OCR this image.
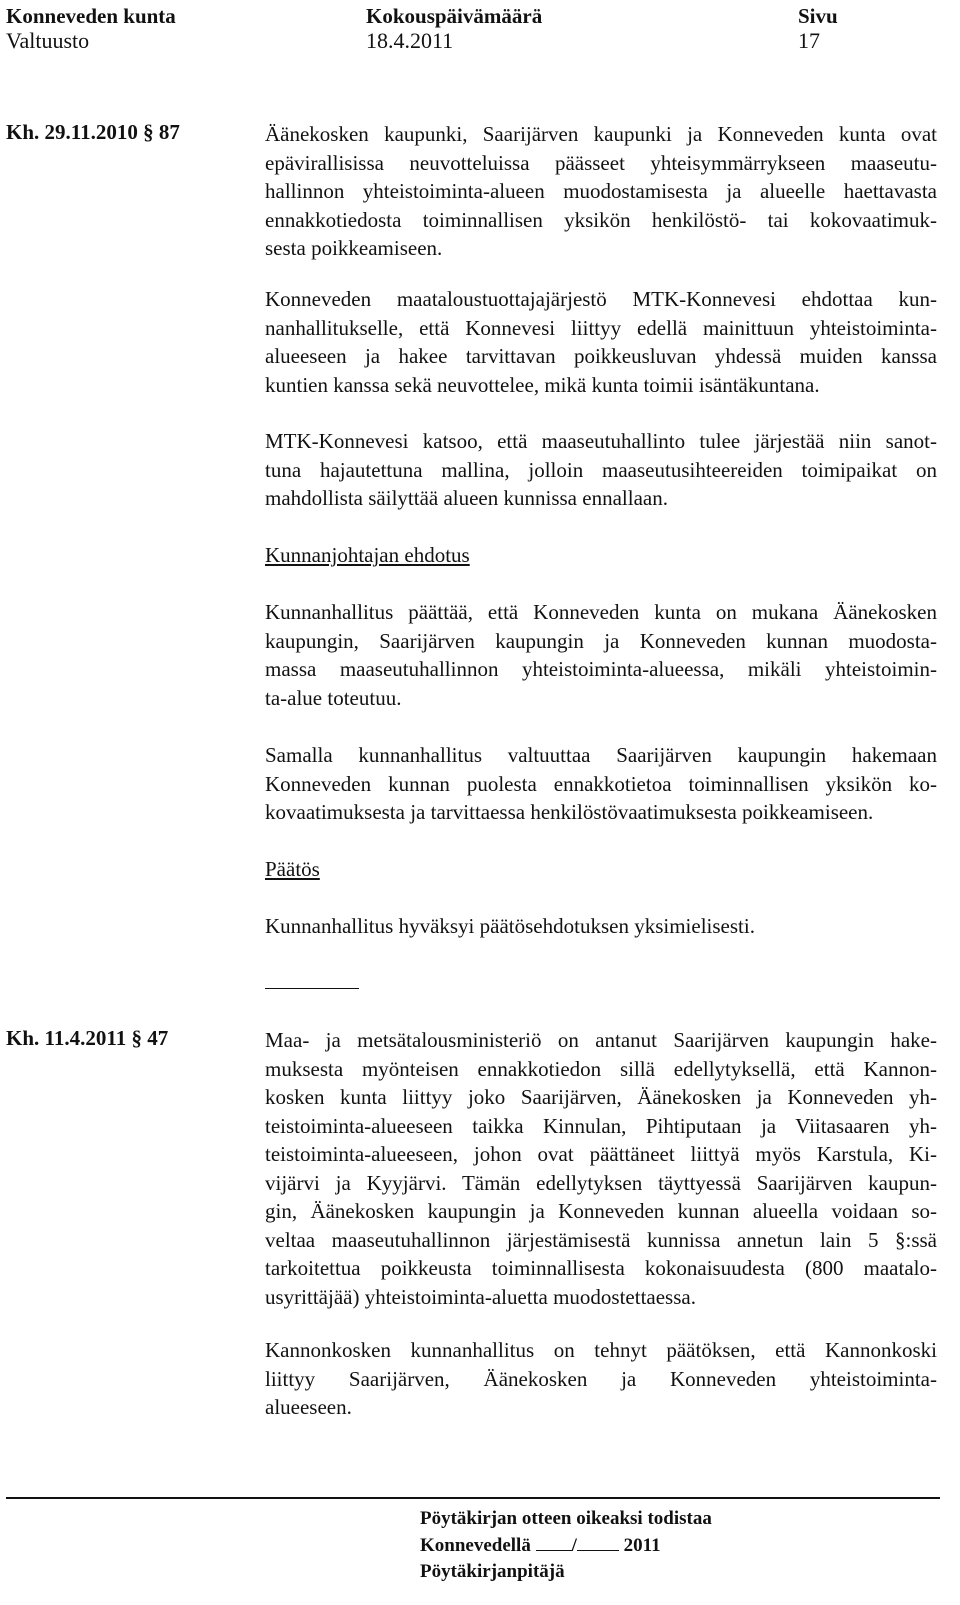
Konneveden kunta
Valtuusto
Kokouspäivämäärä
18.4.2011
Sivu
17
Kh. 29.11.2010 § 87	Äänekosken kaupunki, Saarijärven kaupunki ja Konneveden kunta ovat
epävirallisissa neuvotteluissa päässeet yhteisymmärrykseen maaseutu-
hallinnon yhteistoiminta-alueen muodostamisesta ja alueelle haettavasta
ennakkotiedosta toiminnallisen yksikön henkilöstö- tai kokovaatimuk-
sesta poikkeamiseen.
Konneveden maataloustuottajajärjestö MTK-Konnevesi ehdottaa kun-
nanhallitukselle, että Konnevesi liittyy edellä mainittuun yhteistoiminta-
alueeseen ja hakee tarvittavan poikkeusluvan yhdessä muiden kanssa
kuntien kanssa sekä neuvottelee, mikä kunta toimii isäntäkuntana.
MTK-Konnevesi katsoo, että maaseutuhallinto tulee järjestää niin sanot-
tuna hajautettuna mallina, jolloin maaseutusihteereiden toimipaikat on
mahdollista säilyttää alueen kunnissa ennallaan.
Kunnanjohtajan ehdotus
Kunnanhallitus päättää, että Konneveden kunta on mukana Äänekosken
kaupungin, Saarijärven kaupungin ja Konneveden kunnan muodosta-
massa maaseutuhallinnon yhteistoiminta-alueessa, mikäli yhteistoimin-
ta-alue toteutuu.
Samalla kunnanhallitus valtuuttaa Saarijärven kaupungin hakemaan
Konneveden kunnan puolesta ennakkotietoa toiminnallisen yksikön ko-
kovaatimuksesta ja tarvittaessa henkilöstövaatimuksesta poikkeamiseen.
Päätös
Kunnanhallitus hyväksyi päätösehdotuksen yksimielisesti.
Kh. 11.4.2011 § 47	Maa- ja metsätalousministeriö on antanut Saarijärven kaupungin hake-
muksesta myönteisen ennakkotiedon sillä edellytyksellä, että Kannon-
kosken kunta liittyy joko Saarijärven, Äänekosken ja Konneveden yh-
teistoiminta-alueeseen taikka Kinnulan, Pihtiputaan ja Viitasaaren yh-
teistoiminta-alueeseen, johon ovat päättäneet liittyä myös Karstula, Ki-
vijärvi ja Kyyjärvi. Tämän edellytyksen täyttyessä Saarijärven kaupun-
gin, Äänekosken kaupungin ja Konneveden kunnan alueella voidaan so-
veltaa maaseutuhallinnon järjestämisestä kunnissa annetun lain 5 §:ssä
tarkoitettua poikkeusta toiminnallisesta kokonaisuudesta (800 maatalo-
usyrittäjää) yhteistoiminta-aluetta muodostettaessa.
Kannonkosken kunnanhallitus on tehnyt päätöksen, että Kannonkoski
liittyy Saarijärven, Äänekosken ja Konneveden yhteistoiminta-
alueeseen.
Pöytäkirjan otteen oikeaksi todistaa
Konnevedellä / 2011
Pöytäkirjanpitäjä
